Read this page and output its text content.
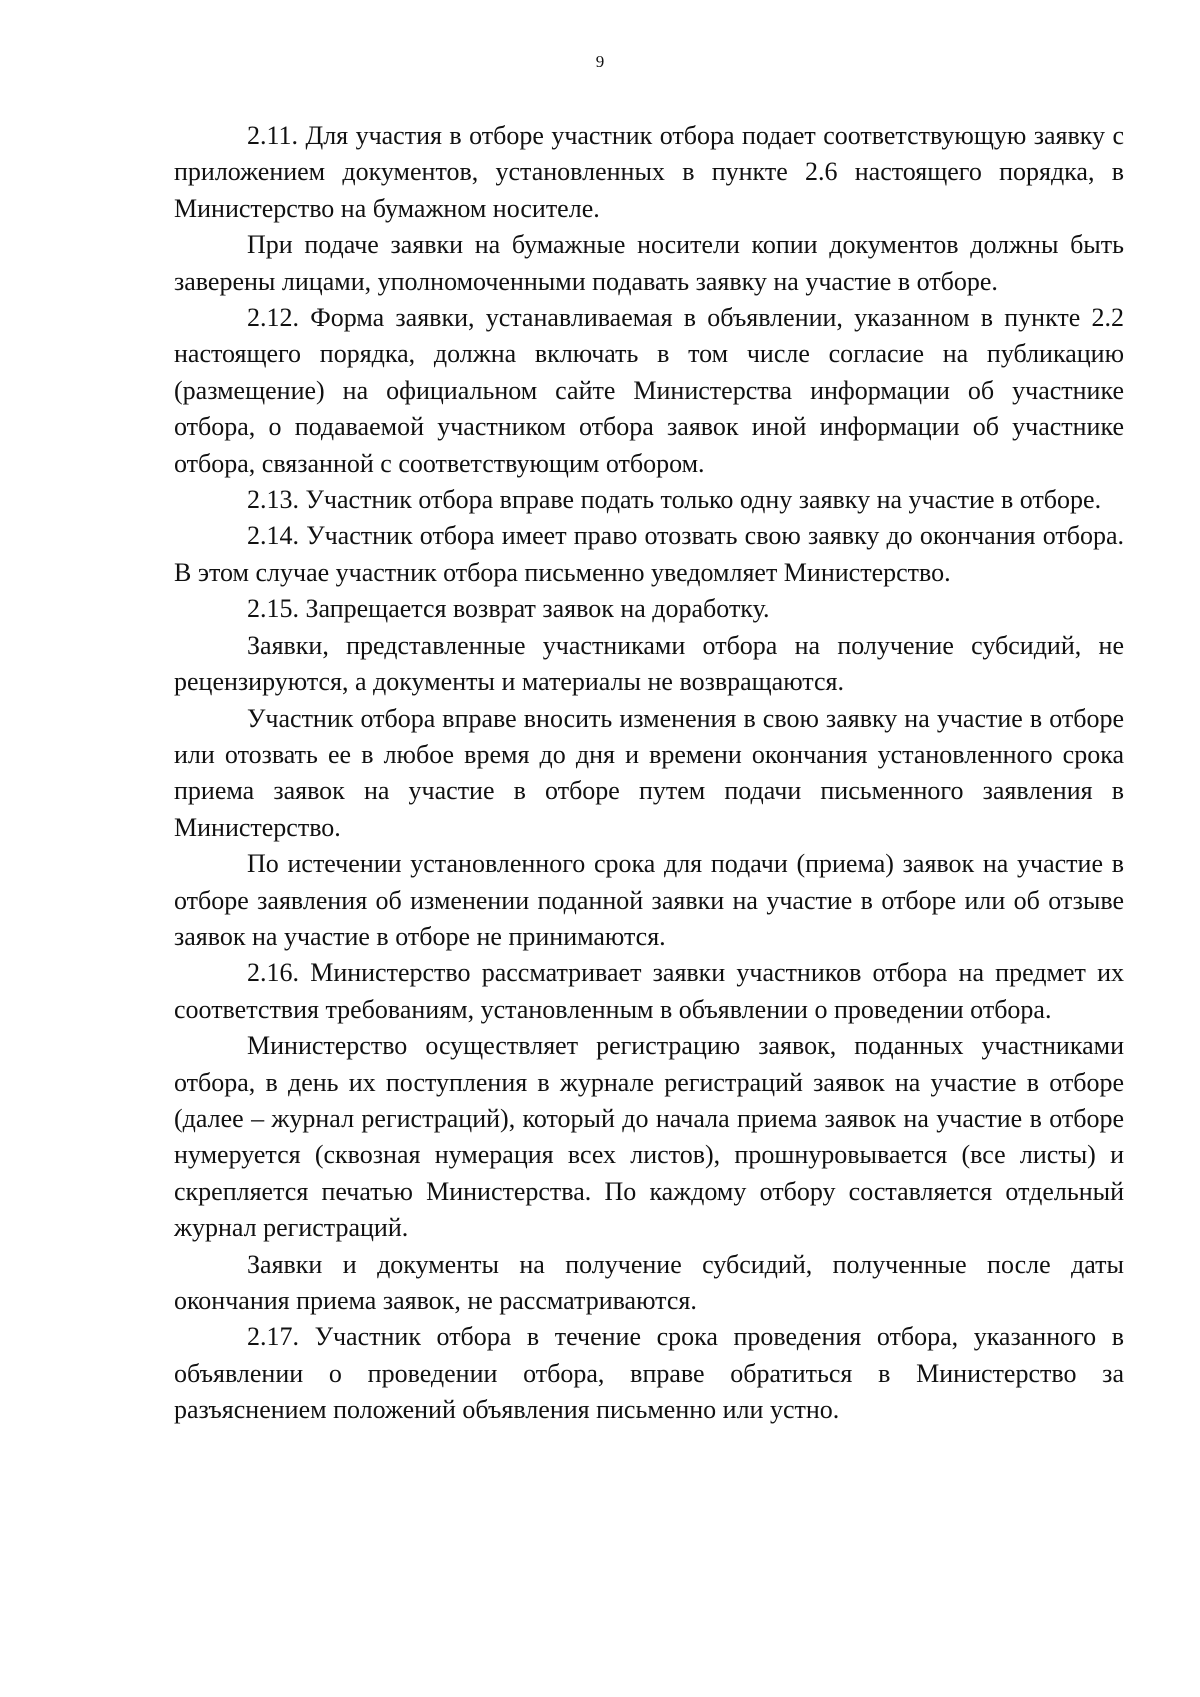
9

2.11. Для участия в отборе участник отбора подает соответствующую заявку с приложением документов, установленных в пункте 2.6 настоящего порядка, в Министерство на бумажном носителе.

При подаче заявки на бумажные носители копии документов должны быть заверены лицами, уполномоченными подавать заявку на участие в отборе.

2.12. Форма заявки, устанавливаемая в объявлении, указанном в пункте 2.2 настоящего порядка, должна включать в том числе согласие на публикацию (размещение) на официальном сайте Министерства информации об участнике отбора, о подаваемой участником отбора заявок иной информации об участнике отбора, связанной с соответствующим отбором.

2.13. Участник отбора вправе подать только одну заявку на участие в отборе.

2.14. Участник отбора имеет право отозвать свою заявку до окончания отбора. В этом случае участник отбора письменно уведомляет Министерство.

2.15. Запрещается возврат заявок на доработку.

Заявки, представленные участниками отбора на получение субсидий, не рецензируются, а документы и материалы не возвращаются.

Участник отбора вправе вносить изменения в свою заявку на участие в отборе или отозвать ее в любое время до дня и времени окончания установленного срока приема заявок на участие в отборе путем подачи письменного заявления в Министерство.

По истечении установленного срока для подачи (приема) заявок на участие в отборе заявления об изменении поданной заявки на участие в отборе или об отзыве заявок на участие в отборе не принимаются.

2.16. Министерство рассматривает заявки участников отбора на предмет их соответствия требованиям, установленным в объявлении о проведении отбора.

Министерство осуществляет регистрацию заявок, поданных участниками отбора, в день их поступления в журнале регистраций заявок на участие в отборе (далее – журнал регистраций), который до начала приема заявок на участие в отборе нумеруется (сквозная нумерация всех листов), прошнуровывается (все листы) и скрепляется печатью Министерства. По каждому отбору составляется отдельный журнал регистраций.

Заявки и документы на получение субсидий, полученные после даты окончания приема заявок, не рассматриваются.

2.17. Участник отбора в течение срока проведения отбора, указанного в объявлении о проведении отбора, вправе обратиться в Министерство за разъяснением положений объявления письменно или устно.
